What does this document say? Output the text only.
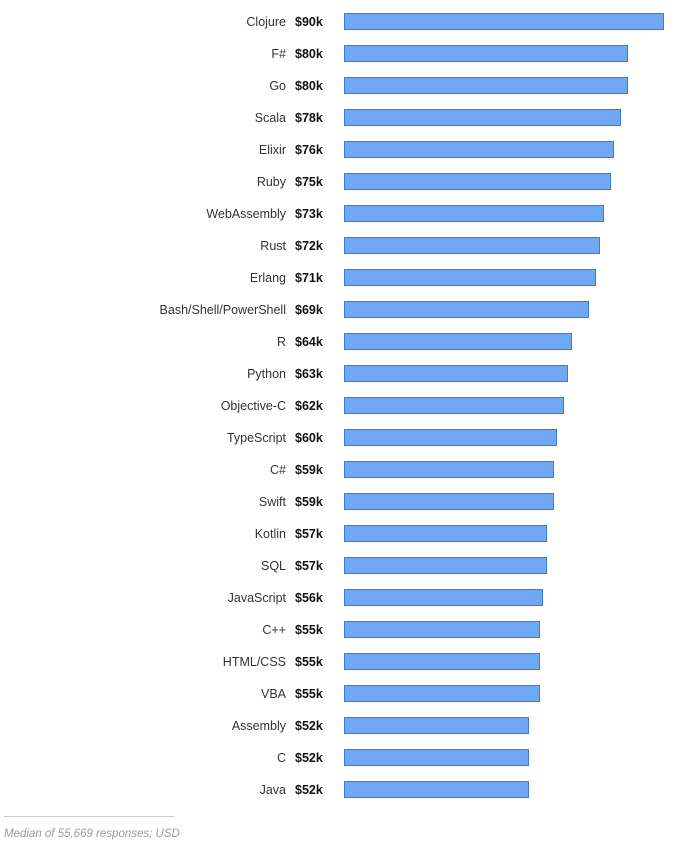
Clojure $90k
F# $80k
Go $80k
Scala $78k
Elixir $76k
Ruby $75k
WebAssembly $73k
Rust $72k
Erlang $71k
Bash/Shell/PowerShell $69k
R $64k
Python $63k
Objective-C $62k
TypeScript $60k
C# $59k
Swift $59k
Kotlin $57k
SQL $57k
JavaScript $56k
C++ $55k
HTML/CSS $55k
VBA $55k
Assembly $52k
C $52k
Java $52k
Median of 55,669 responses; USD
